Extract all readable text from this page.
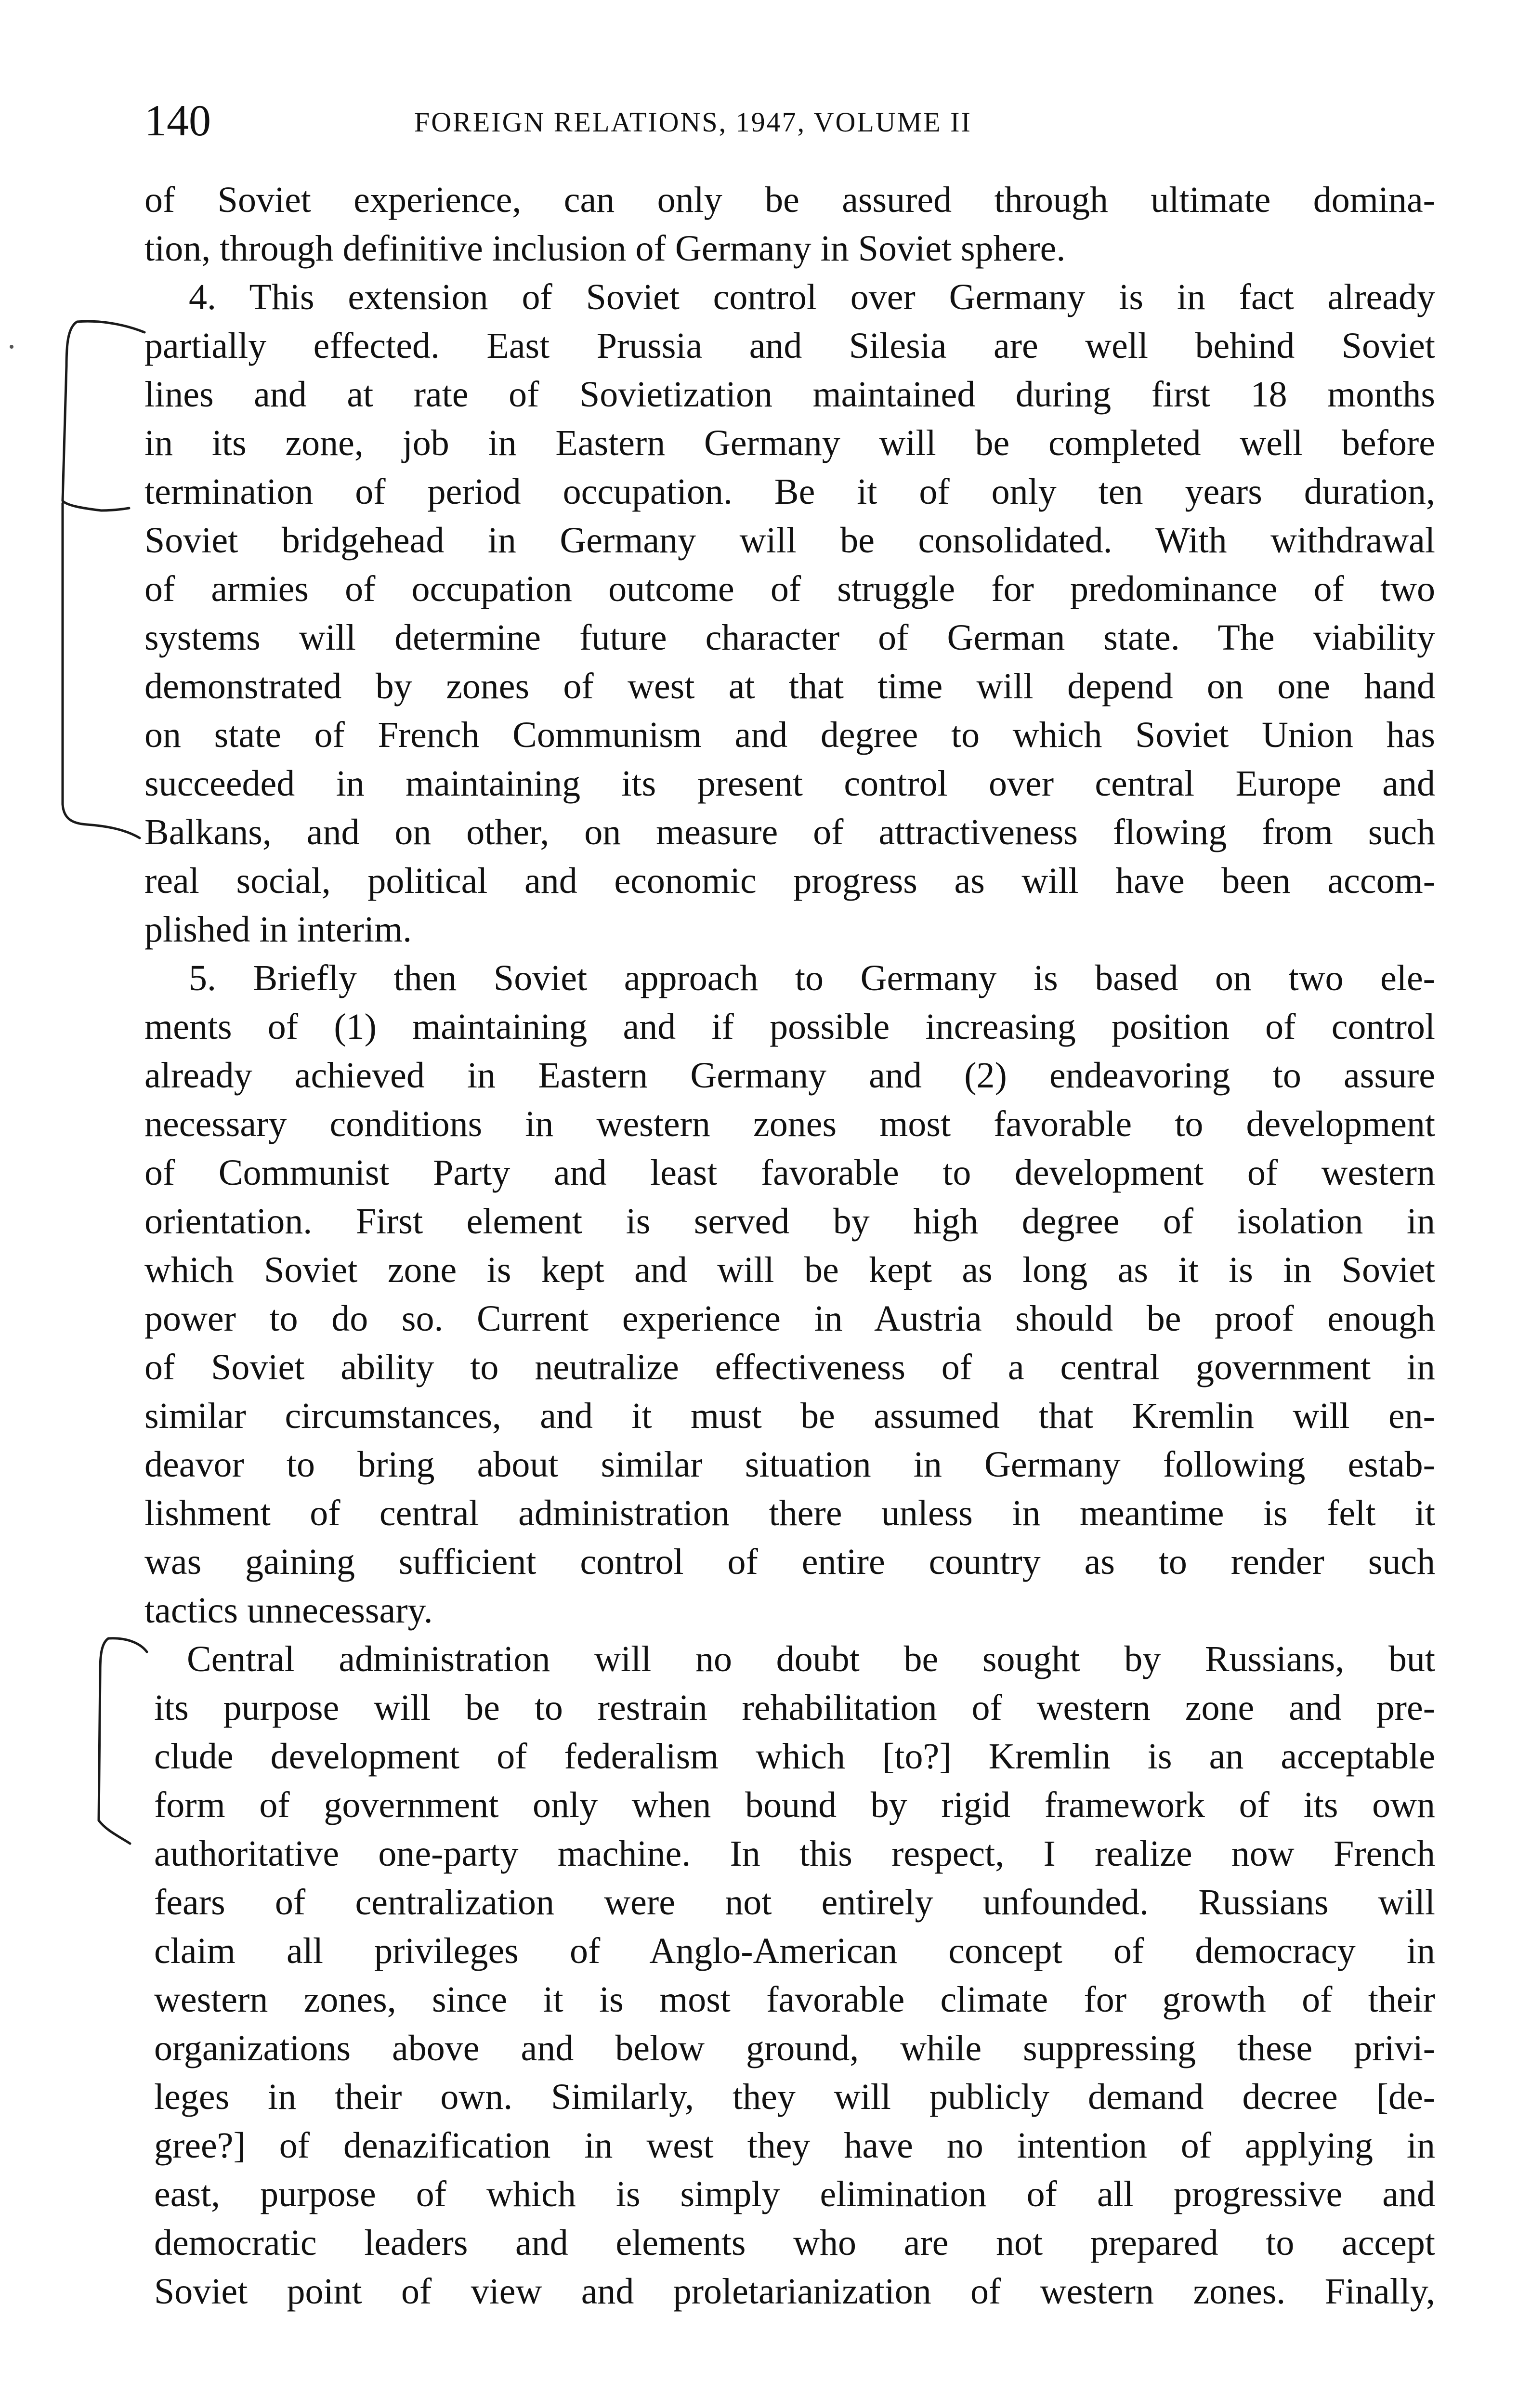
140	FOREIGN RELATIONS, 1947, VOLUME II
of Soviet experience, can only be assured through ultimate domina-
tion, through definitive inclusion of Germany in Soviet sphere.
4. This extension of Soviet control over Germany is in fact already
partially effected. East Prussia and Silesia are well behind Soviet
lines and at rate of Sovietization maintained during first 18 months
in its zone, job in Eastern Germany will be completed well before
termination of period occupation. Be it of only ten years duration,
Soviet bridgehead in Germany will be consolidated. With withdrawal
of armies of occupation outcome of struggle for predominance of two
systems will determine future character of German state. The viability
demonstrated by zones of west at that time will depend on one hand
on state of French Communism and degree to which Soviet Union has
succeeded in maintaining its present control over central Europe and
Balkans, and on other, on measure of attractiveness flowing from such
real social, political and economic progress as will have been accom-
plished in interim.
5. Briefly then Soviet approach to Germany is based on two ele-
ments of (1) maintaining and if possible increasing position of control
already achieved in Eastern Germany and (2) endeavoring to assure
necessary conditions in western zones most favorable to development
of Communist Party and least favorable to development of western
orientation. First element is served by high degree of isolation in
which Soviet zone is kept and will be kept as long as it is in Soviet
power to do so. Current experience in Austria should be proof enough
of Soviet ability to neutralize effectiveness of a central government in
similar circumstances, and it must be assumed that Kremlin will en-
deavor to bring about similar situation in Germany following estab-
lishment of central administration there unless in meantime is felt it
was gaining sufficient control of entire country as to render such
tactics unnecessary.
Central administration will no doubt be sought by Russians, but
its purpose will be to restrain rehabilitation of western zone and pre-
clude development of federalism which [to?] Kremlin is an acceptable
form of government only when bound by rigid framework of its own
authoritative one-party machine. In this respect, I realize now French
fears of centralization were not entirely unfounded. Russians will
claim all privileges of Anglo-American concept of democracy in
western zones, since it is most favorable climate for growth of their
organizations above and below ground, while suppressing these privi-
leges in their own. Similarly, they will publicly demand decree [de-
gree?] of denazification in west they have no intention of applying in
east, purpose of which is simply elimination of all progressive and
democratic leaders and elements who are not prepared to accept
Soviet point of view and proletarianization of western zones. Finally,
